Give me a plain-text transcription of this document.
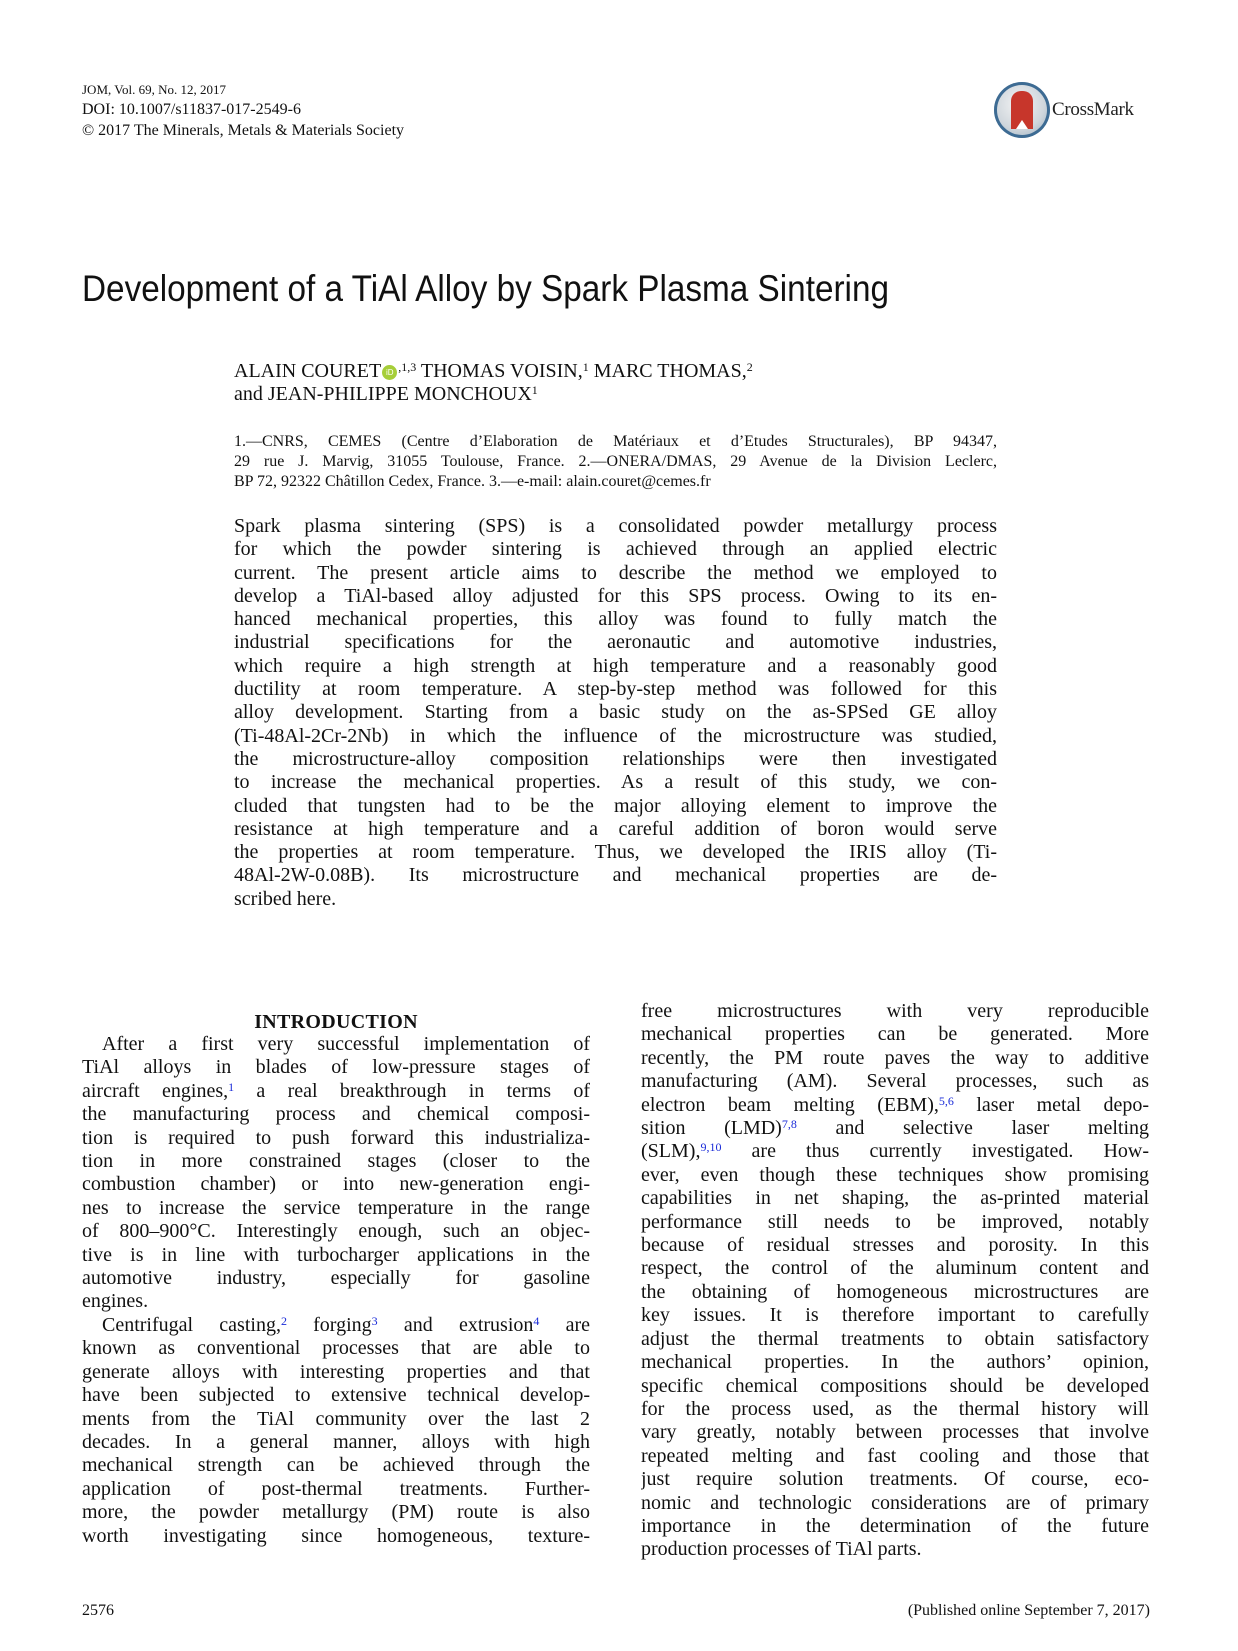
JOM, Vol. 69, No. 12, 2017
DOI: 10.1007/s11837-017-2549-6
© 2017 The Minerals, Metals & Materials Society
CrossMark
Development of a TiAl Alloy by Spark Plasma Sintering
ALAIN COURET iD $^{,1,3}$ THOMAS VOISIN,$^1$ MARC THOMAS,$^2$
and JEAN-PHILIPPE MONCHOUX$^1$
1.—CNRS, CEMES (Centre d’Elaboration de Matériaux et d’Etudes Structurales), BP 94347,
29 rue J. Marvig, 31055 Toulouse, France. 2.—ONERA/DMAS, 29 Avenue de la Division Leclerc,
BP 72, 92322 Châtillon Cedex, France. 3.—e-mail: alain.couret@cemes.fr
Spark plasma sintering (SPS) is a consolidated powder metallurgy process
for which the powder sintering is achieved through an applied electric
current. The present article aims to describe the method we employed to
develop a TiAl-based alloy adjusted for this SPS process. Owing to its en-
hanced mechanical properties, this alloy was found to fully match the
industrial specifications for the aeronautic and automotive industries,
which require a high strength at high temperature and a reasonably good
ductility at room temperature. A step-by-step method was followed for this
alloy development. Starting from a basic study on the as-SPSed GE alloy
(Ti-48Al-2Cr-2Nb) in which the influence of the microstructure was studied,
the microstructure-alloy composition relationships were then investigated
to increase the mechanical properties. As a result of this study, we con-
cluded that tungsten had to be the major alloying element to improve the
resistance at high temperature and a careful addition of boron would serve
the properties at room temperature. Thus, we developed the IRIS alloy (Ti-
48Al-2W-0.08B). Its microstructure and mechanical properties are de-
scribed here.
INTRODUCTION
After a first very successful implementation of
TiAl alloys in blades of low-pressure stages of
aircraft engines,$^1$ a real breakthrough in terms of
the manufacturing process and chemical composi-
tion is required to push forward this industrializa-
tion in more constrained stages (closer to the
combustion chamber) or into new-generation engi-
nes to increase the service temperature in the range
of 800–900°C. Interestingly enough, such an objec-
tive is in line with turbocharger applications in the
automotive industry, especially for gasoline
engines.
Centrifugal casting,$^2$ forging$^3$ and extrusion$^4$ are
known as conventional processes that are able to
generate alloys with interesting properties and that
have been subjected to extensive technical develop-
ments from the TiAl community over the last 2
decades. In a general manner, alloys with high
mechanical strength can be achieved through the
application of post-thermal treatments. Further-
more, the powder metallurgy (PM) route is also
worth investigating since homogeneous, texture-
free microstructures with very reproducible
mechanical properties can be generated. More
recently, the PM route paves the way to additive
manufacturing (AM). Several processes, such as
electron beam melting (EBM),$^{5,6}$ laser metal depo-
sition (LMD)$^{7,8}$ and selective laser melting
(SLM),$^{9,10}$ are thus currently investigated. How-
ever, even though these techniques show promising
capabilities in net shaping, the as-printed material
performance still needs to be improved, notably
because of residual stresses and porosity. In this
respect, the control of the aluminum content and
the obtaining of homogeneous microstructures are
key issues. It is therefore important to carefully
adjust the thermal treatments to obtain satisfactory
mechanical properties. In the authors’ opinion,
specific chemical compositions should be developed
for the process used, as the thermal history will
vary greatly, notably between processes that involve
repeated melting and fast cooling and those that
just require solution treatments. Of course, eco-
nomic and technologic considerations are of primary
importance in the determination of the future
production processes of TiAl parts.
2576	(Published online September 7, 2017)
